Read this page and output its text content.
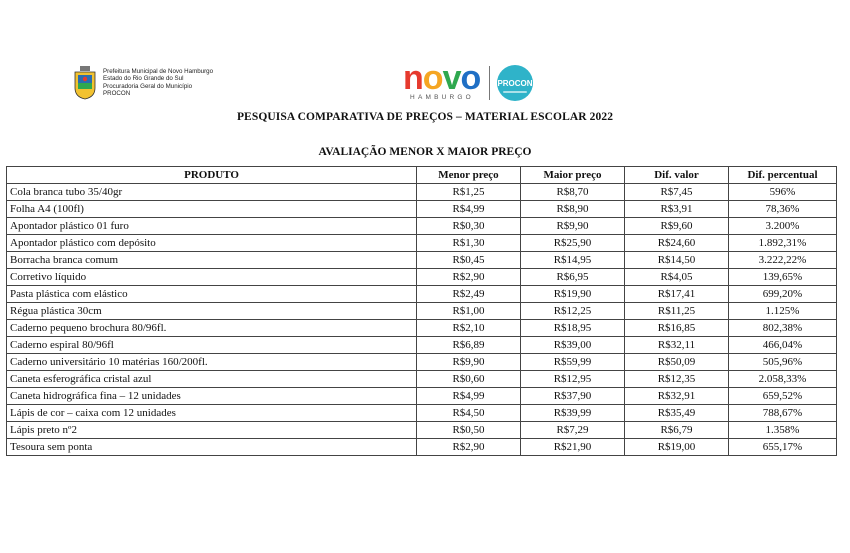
Prefeitura Municipal de Novo Hamburgo
Estado do Rio Grande do Sul
Procuradoria Geral do Município
PROCON	novo
HAMBURGO
PROCON
PESQUISA COMPARATIVA DE PREÇOS – MATERIAL ESCOLAR 2022
AVALIAÇÃO MENOR X MAIOR PREÇO
PRODUTO	Menor preço	Maior preço	Dif. valor	Dif. percentual
Cola branca tubo 35/40gr	R$1,25	R$8,70	R$7,45	596%
Folha A4 (100fl)	R$4,99	R$8,90	R$3,91	78,36%
Apontador plástico 01 furo	R$0,30	R$9,90	R$9,60	3.200%
Apontador plástico com depósito	R$1,30	R$25,90	R$24,60	1.892,31%
Borracha branca comum	R$0,45	R$14,95	R$14,50	3.222,22%
Corretivo líquido	R$2,90	R$6,95	R$4,05	139,65%
Pasta plástica com elástico	R$2,49	R$19,90	R$17,41	699,20%
Régua plástica 30cm	R$1,00	R$12,25	R$11,25	1.125%
Caderno pequeno brochura 80/96fl.	R$2,10	R$18,95	R$16,85	802,38%
Caderno espiral 80/96fl	R$6,89	R$39,00	R$32,11	466,04%
Caderno universitário 10 matérias 160/200fl.	R$9,90	R$59,99	R$50,09	505,96%
Caneta esferográfica cristal azul	R$0,60	R$12,95	R$12,35	2.058,33%
Caneta hidrográfica fina – 12 unidades	R$4,99	R$37,90	R$32,91	659,52%
Lápis de cor – caixa com 12 unidades	R$4,50	R$39,99	R$35,49	788,67%
Lápis preto nº2	R$0,50	R$7,29	R$6,79	1.358%
Tesoura sem ponta	R$2,90	R$21,90	R$19,00	655,17%
